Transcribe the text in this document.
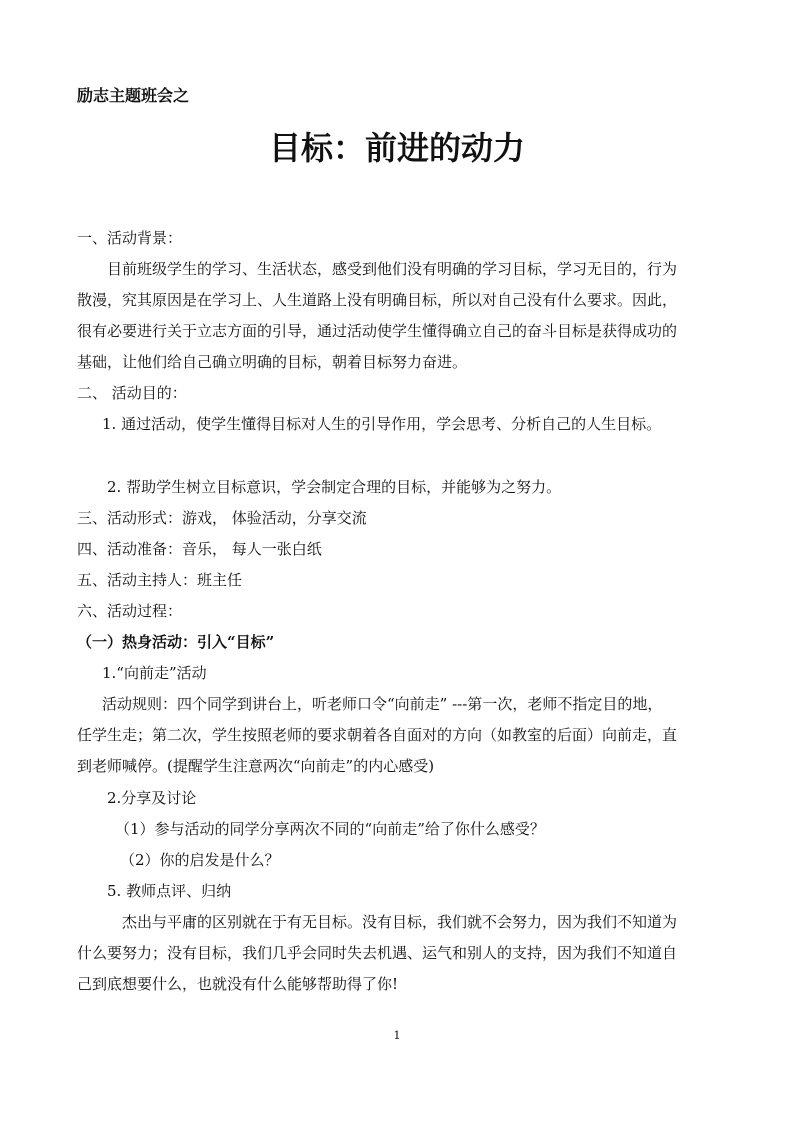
励志主题班会之
目标：前进的动力
一、活动背景：
目前班级学生的学习、生活状态，感受到他们没有明确的学习目标，学习无目的，行为
散漫，究其原因是在学习上、人生道路上没有明确目标，所以对自己没有什么要求。因此，
很有必要进行关于立志方面的引导，通过活动使学生懂得确立自己的奋斗目标是获得成功的
基础，让他们给自己确立明确的目标，朝着目标努力奋进。
二、 活动目的：
1. 通过活动，使学生懂得目标对人生的引导作用，学会思考、分析自己的人生目标。
2. 帮助学生树立目标意识，学会制定合理的目标，并能够为之努力。
三、活动形式：游戏， 体验活动，分享交流
四、活动准备：音乐， 每人一张白纸
五、活动主持人：班主任
六、活动过程：
（一）热身活动：引入“目标”
1.“向前走”活动
活动规则：四个同学到讲台上，听老师口令“向前走” ---第一次，老师不指定目的地，
任学生走；第二次，学生按照老师的要求朝着各自面对的方向（如教室的后面）向前走，直
到老师喊停。(提醒学生注意两次“向前走”的内心感受)
2.分享及讨论
（1）参与活动的同学分享两次不同的“向前走”给了你什么感受？
（2）你的启发是什么？
5. 教师点评、归纳
杰出与平庸的区别就在于有无目标。没有目标，我们就不会努力，因为我们不知道为
什么要努力；没有目标，我们几乎会同时失去机遇、运气和别人的支持，因为我们不知道自
己到底想要什么，也就没有什么能够帮助得了你!
1
